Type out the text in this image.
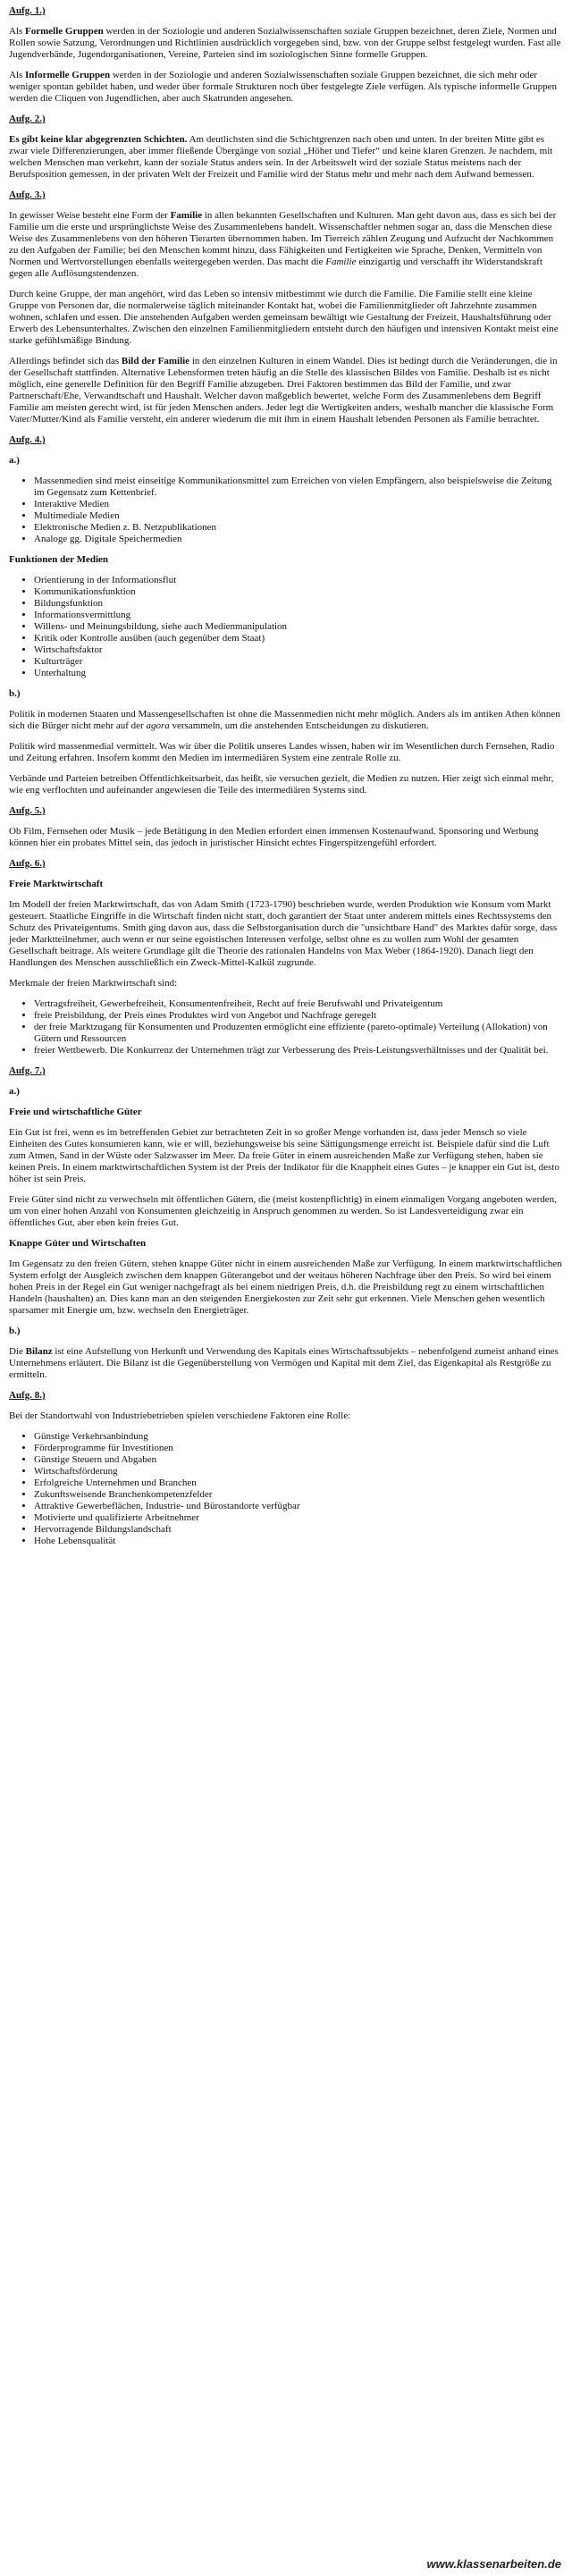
Aufg. 1.)

Als Formelle Gruppen werden in der Soziologie und anderen Sozialwissenschaften soziale Gruppen bezeichnet, deren Ziele, Normen und Rollen sowie Satzung, Verordnungen und Richtlinien ausdrücklich vorgegeben sind, bzw. von der Gruppe selbst festgelegt wurden. Fast alle Jugendverbände, Jugendorganisationen, Vereine, Parteien sind im soziologischen Sinne formelle Gruppen.

Als Informelle Gruppen werden in der Soziologie und anderen Sozialwissenschaften soziale Gruppen bezeichnet, die sich mehr oder weniger spontan gebildet haben, und weder über formale Strukturen noch über festgelegte Ziele verfügen. Als typische informelle Gruppen werden die Cliquen von Jugendlichen, aber auch Skatrunden angesehen.

Aufg. 2.)

Es gibt keine klar abgegrenzten Schichten. Am deutlichsten sind die Schichtgrenzen nach oben und unten. In der breiten Mitte gibt es zwar viele Differenzierungen, aber immer fließende Übergänge von sozial „Höher und Tiefer“ und keine klaren Grenzen. Je nachdem, mit welchen Menschen man verkehrt, kann der soziale Status anders sein. In der Arbeitswelt wird der soziale Status meistens nach der Berufsposition gemessen, in der privaten Welt der Freizeit und Familie wird der Status mehr und mehr nach dem Aufwand bemessen.

Aufg. 3.)

In gewisser Weise besteht eine Form der Familie in allen bekannten Gesellschaften und Kulturen. Man geht davon aus, dass es sich bei der Familie um die erste und ursprünglichste Weise des Zusammenlebens handelt. Wissenschaftler nehmen sogar an, dass die Menschen diese Weise des Zusammenlebens von den höheren Tierarten übernommen haben. Im Tierreich zählen Zeugung und Aufzucht der Nachkommen zu den Aufgaben der Familie; bei den Menschen kommt hinzu, dass Fähigkeiten und Fertigkeiten wie Sprache, Denken, Vermitteln von Normen und Wertvorstellungen ebenfalls weitergegeben werden. Das macht die Familie einzigartig und verschafft ihr Widerstandskraft gegen alle Auflösungstendenzen.

Durch keine Gruppe, der man angehört, wird das Leben so intensiv mitbestimmt wie durch die Familie. Die Familie stellt eine kleine Gruppe von Personen dar, die normalerweise täglich miteinander Kontakt hat, wobei die Familienmitglieder oft Jahrzehnte zusammen wohnen, schlafen und essen. Die anstehenden Aufgaben werden gemeinsam bewältigt wie Gestaltung der Freizeit, Haushaltsführung oder Erwerb des Lebensunterhaltes. Zwischen den einzelnen Familienmitgliedern entsteht durch den häufigen und intensiven Kontakt meist eine starke gefühlsmäßige Bindung.

Allerdings befindet sich das Bild der Familie in den einzelnen Kulturen in einem Wandel. Dies ist bedingt durch die Veränderungen, die in der Gesellschaft stattfinden. Alternative Lebensformen treten häufig an die Stelle des klassischen Bildes von Familie. Deshalb ist es nicht möglich, eine generelle Definition für den Begriff Familie abzugeben. Drei Faktoren bestimmen das Bild der Familie, und zwar Partnerschaft/Ehe, Verwandtschaft und Haushalt. Welcher davon maßgeblich bewertet, welche Form des Zusammenlebens dem Begriff Familie am meisten gerecht wird, ist für jeden Menschen anders. Jeder legt die Wertigkeiten anders, weshalb mancher die klassische Form Vater/Mutter/Kind als Familie versteht, ein anderer wiederum die mit ihm in einem Haushalt lebenden Personen als Familie betrachtet.

Aufg. 4.)
a.)
• Massenmedien sind meist einseitige Kommunikationsmittel zum Erreichen von vielen Empfängern, also beispielsweise die Zeitung im Gegensatz zum Kettenbrief.
• Interaktive Medien
• Multimediale Medien
• Elektronische Medien z. B. Netzpublikationen
• Analoge gg. Digitale Speichermedien
Funktionen der Medien
• Orientierung in der Informationsflut
• Kommunikationsfunktion
• Bildungsfunktion
• Informationsvermittlung
• Willens- und Meinungsbildung, siehe auch Medienmanipulation
• Kritik oder Kontrolle ausüben (auch gegenüber dem Staat)
• Wirtschaftsfaktor
• Kulturträger
• Unterhaltung
b.)

Politik in modernen Staaten und Massengesellschaften ist ohne die Massenmedien nicht mehr möglich. Anders als im antiken Athen können sich die Bürger nicht mehr auf der agora versammeln, um die anstehenden Entscheidungen zu diskutieren.

Politik wird massenmedial vermittelt. Was wir über die Politik unseres Landes wissen, haben wir im Wesentlichen durch Fernsehen, Radio und Zeitung erfahren. Insofern kommt den Medien im intermediären System eine zentrale Rolle zu.

Verbände und Parteien betreiben Öffentlichkeitsarbeit, das heißt, sie versuchen gezielt, die Medien zu nutzen. Hier zeigt sich einmal mehr, wie eng verflochten und aufeinander angewiesen die Teile des intermediären Systems sind.

Aufg. 5.)

Ob Film, Fernsehen oder Musik – jede Betätigung in den Medien erfordert einen immensen Kostenaufwand. Sponsoring und Werbung können hier ein probates Mittel sein, das jedoch in juristischer Hinsicht echtes Fingerspitzengefühl erfordert.

Aufg. 6.)
Freie Marktwirtschaft

Im Modell der freien Marktwirtschaft, das von Adam Smith (1723-1790) beschrieben wurde, werden Produktion wie Konsum vom Markt gesteuert. Staatliche Eingriffe in die Wirtschaft finden nicht statt, doch garantiert der Staat unter anderem mittels eines Rechtssystems den Schutz des Privateigentums. Smith ging davon aus, dass die Selbstorganisation durch die "unsichtbare Hand" des Marktes dafür sorge, dass jeder Marktteilnehmer, auch wenn er nur seine egoistischen Interessen verfolge, selbst ohne es zu wollen zum Wohl der gesamten Gesellschaft beitrage. Als weitere Grundlage gilt die Theorie des rationalen Handelns von Max Weber (1864-1920). Danach liegt den Handlungen des Menschen ausschließlich ein Zweck-Mittel-Kalkül zugrunde.

Merkmale der freien Marktwirtschaft sind:

• Vertragsfreiheit, Gewerbefreiheit, Konsumentenfreiheit, Recht auf freie Berufswahl und Privateigentum
• freie Preisbildung, der Preis eines Produktes wird von Angebot und Nachfrage geregelt
• der freie Marktzugang für Konsumenten und Produzenten ermöglicht eine effiziente (pareto-optimale) Verteilung (Allokation) von Gütern und Ressourcen
• freier Wettbewerb. Die Konkurrenz der Unternehmen trägt zur Verbesserung des Preis-Leistungsverhältnisses und der Qualität bei.
Aufg. 7.)
a.)
Freie und wirtschaftliche Güter

Ein Gut ist frei, wenn es im betreffenden Gebiet zur betrachteten Zeit in so großer Menge vorhanden ist, dass jeder Mensch so viele Einheiten des Gutes konsumieren kann, wie er will, beziehungsweise bis seine Sättigungsmenge erreicht ist. Beispiele dafür sind die Luft zum Atmen, Sand in der Wüste oder Salzwasser im Meer. Da freie Güter in einem ausreichenden Maße zur Verfügung stehen, haben sie keinen Preis. In einem marktwirtschaftlichen System ist der Preis der Indikator für die Knappheit eines Gutes – je knapper ein Gut ist, desto höher ist sein Preis.

Freie Güter sind nicht zu verwechseln mit öffentlichen Gütern, die (meist kostenpflichtig) in einem einmaligen Vorgang angeboten werden, um von einer hohen Anzahl von Konsumenten gleichzeitig in Anspruch genommen zu werden. So ist Landesverteidigung zwar ein öffentliches Gut, aber eben kein freies Gut.

Knappe Güter und Wirtschaften

Im Gegensatz zu den freien Gütern, stehen knappe Güter nicht in einem ausreichenden Maße zur Verfügung. In einem marktwirtschaftlichen System erfolgt der Ausgleich zwischen dem knappen Güterangebot und der weitaus höheren Nachfrage über den Preis. So wird bei einem hohen Preis in der Regel ein Gut weniger nachgefragt als bei einem niedrigen Preis, d.h. die Preisbildung regt zu einem wirtschaftlichen Handeln (haushalten) an. Dies kann man an den steigenden Energiekosten zur Zeit sehr gut erkennen. Viele Menschen gehen wesentlich sparsamer mit Energie um, bzw. wechseln den Energieträger.

b.)

Die Bilanz ist eine Aufstellung von Herkunft und Verwendung des Kapitals eines Wirtschaftssubjekts – nebenfolgend zumeist anhand eines Unternehmens erläutert. Die Bilanz ist die Gegenüberstellung von Vermögen und Kapital mit dem Ziel, das Eigenkapital als Restgröße zu ermitteln.

Aufg. 8.)

Bei der Standortwahl von Industriebetrieben spielen verschiedene Faktoren eine Rolle:

• Günstige Verkehrsanbindung
• Förderprogramme für Investitionen
• Günstige Steuern und Abgaben
• Wirtschaftsförderung
• Erfolgreiche Unternehmen und Branchen
• Zukunftsweisende Branchenkompetenzfelder
• Attraktive Gewerbeflächen, Industrie- und Bürostandorte verfügbar
• Motivierte und qualifizierte Arbeitnehmer
• Hervorragende Bildungslandschaft
• Hohe Lebensqualität
www.klassenarbeiten.de
